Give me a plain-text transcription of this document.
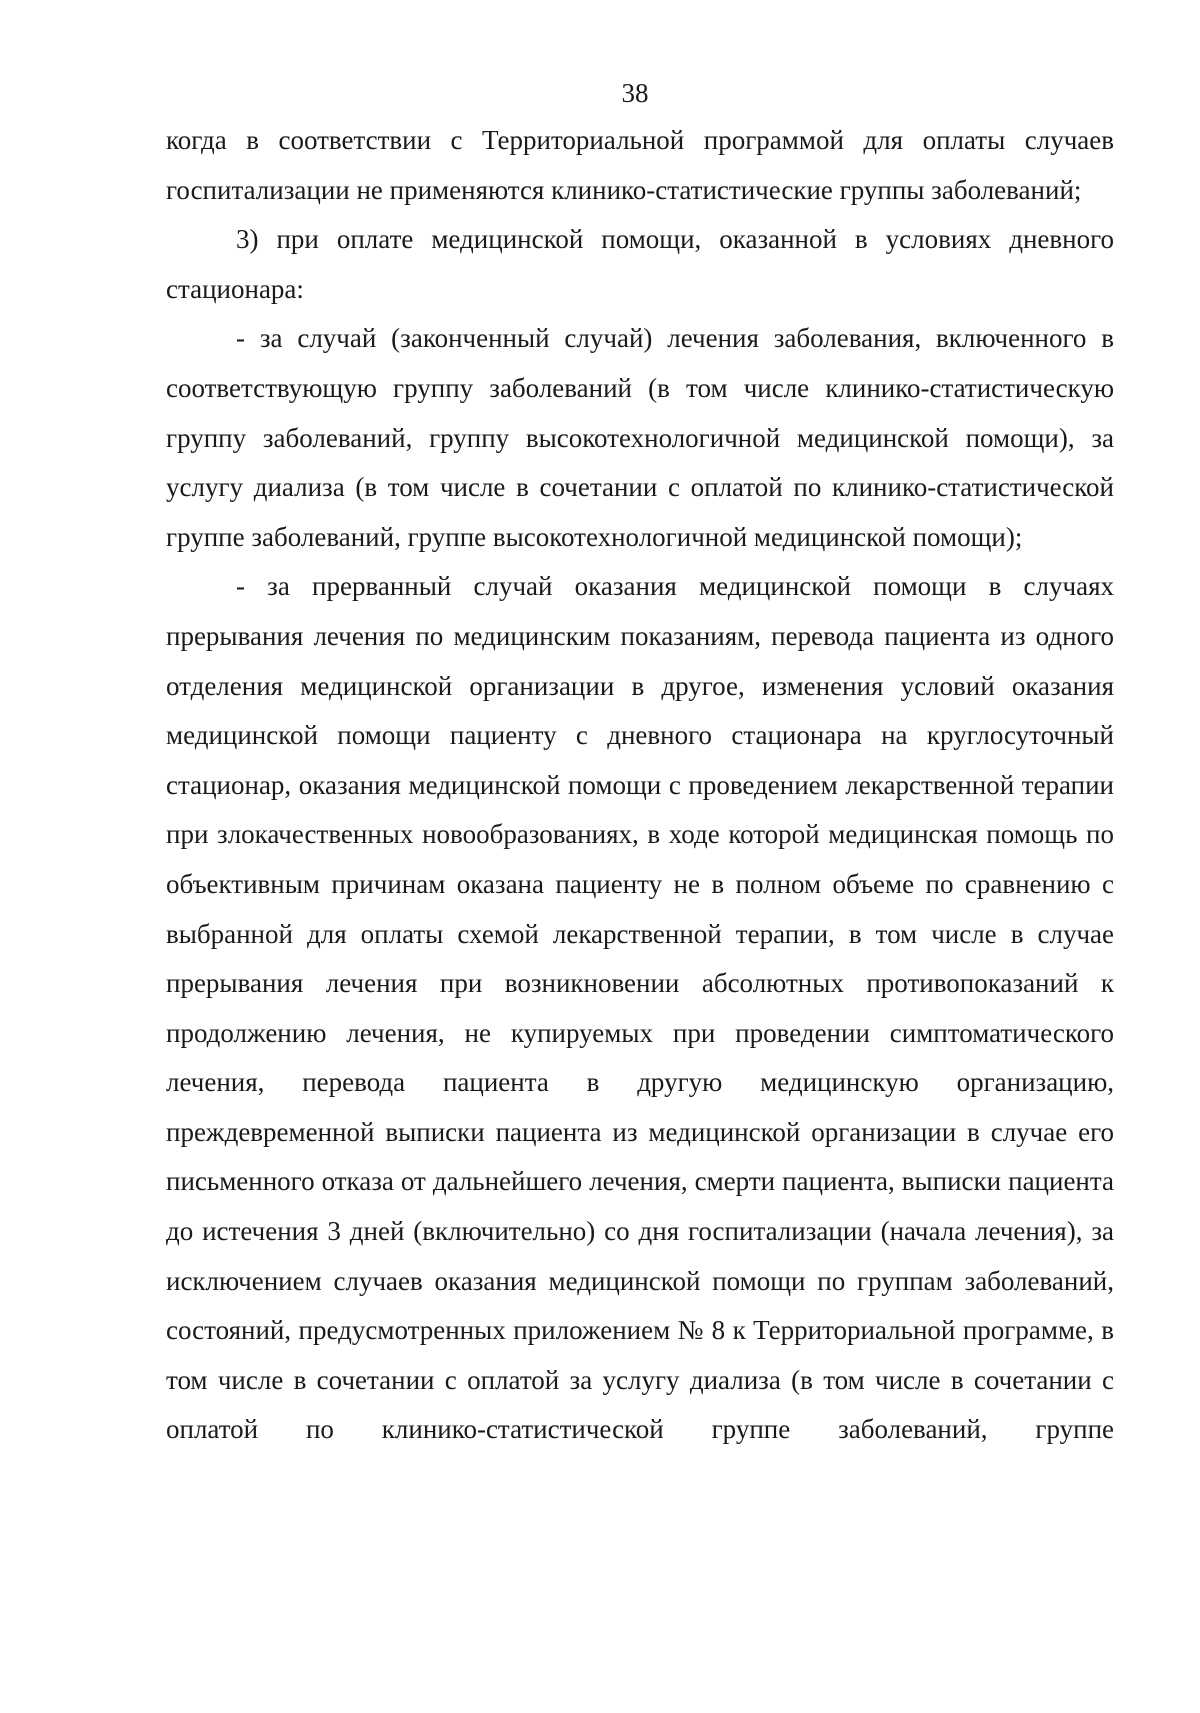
38

когда в соответствии с Территориальной программой для оплаты случаев госпитализации не применяются клинико-статистические группы заболеваний;

3) при оплате медицинской помощи, оказанной в условиях дневного стационара:

- за случай (законченный случай) лечения заболевания, включенного в соответствующую группу заболеваний (в том числе клинико-статистическую группу заболеваний, группу высокотехнологичной медицинской помощи), за услугу диализа (в том числе в сочетании с оплатой по клинико-статистической группе заболеваний, группе высокотехнологичной медицинской помощи);

- за прерванный случай оказания медицинской помощи в случаях прерывания лечения по медицинским показаниям, перевода пациента из одного отделения медицинской организации в другое, изменения условий оказания медицинской помощи пациенту с дневного стационара на круглосуточный стационар, оказания медицинской помощи с проведением лекарственной терапии при злокачественных новообразованиях, в ходе которой медицинская помощь по объективным причинам оказана пациенту не в полном объеме по сравнению с выбранной для оплаты схемой лекарственной терапии, в том числе в случае прерывания лечения при возникновении абсолютных противопоказаний к продолжению лечения, не купируемых при проведении симптоматического лечения, перевода пациента в другую медицинскую организацию, преждевременной выписки пациента из медицинской организации в случае его письменного отказа от дальнейшего лечения, смерти пациента, выписки пациента до истечения 3 дней (включительно) со дня госпитализации (начала лечения), за исключением случаев оказания медицинской помощи по группам заболеваний, состояний, предусмотренных приложением № 8 к Территориальной программе, в том числе в сочетании с оплатой за услугу диализа (в том числе в сочетании с оплатой по клинико-статистической группе заболеваний, группе
